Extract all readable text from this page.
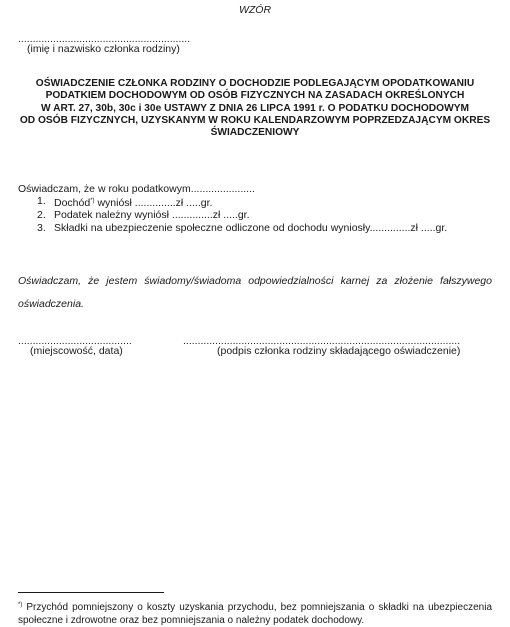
WZÓR
...........................................................
(imię i nazwisko członka rodziny)
OŚWIADCZENIE CZŁONKA RODZINY O DOCHODZIE PODLEGAJĄCYM OPODATKOWANIU
PODATKIEM DOCHODOWYM OD OSÓB FIZYCZNYCH NA ZASADACH OKREŚLONYCH
W ART. 27, 30b, 30c i 30e USTAWY Z DNIA 26 LIPCA 1991 r. O PODATKU DOCHODOWYM
OD OSÓB FIZYCZNYCH, UZYSKANYM W ROKU KALENDARZOWYM POPRZEDZAJĄCYM OKRES
ŚWIADCZENIOWY
Oświadczam, że w roku podatkowym......................
1. Dochód*) wyniósł ..............zł .....gr.
2. Podatek należny wyniósł ..............zł .....gr.
3. Składki na ubezpieczenie społeczne odliczone od dochodu wyniosły..............zł .....gr.
Oświadczam, że jestem świadomy/świadoma odpowiedzialności karnej za złożenie fałszywego oświadczenia.
.......................................
(miejscowość, data)
...............................................................................................
(podpis członka rodziny składającego oświadczenie)
*) Przychód pomniejszony o koszty uzyskania przychodu, bez pomniejszania o składki na ubezpieczenia społeczne i zdrowotne oraz bez pomniejszania o należny podatek dochodowy.
